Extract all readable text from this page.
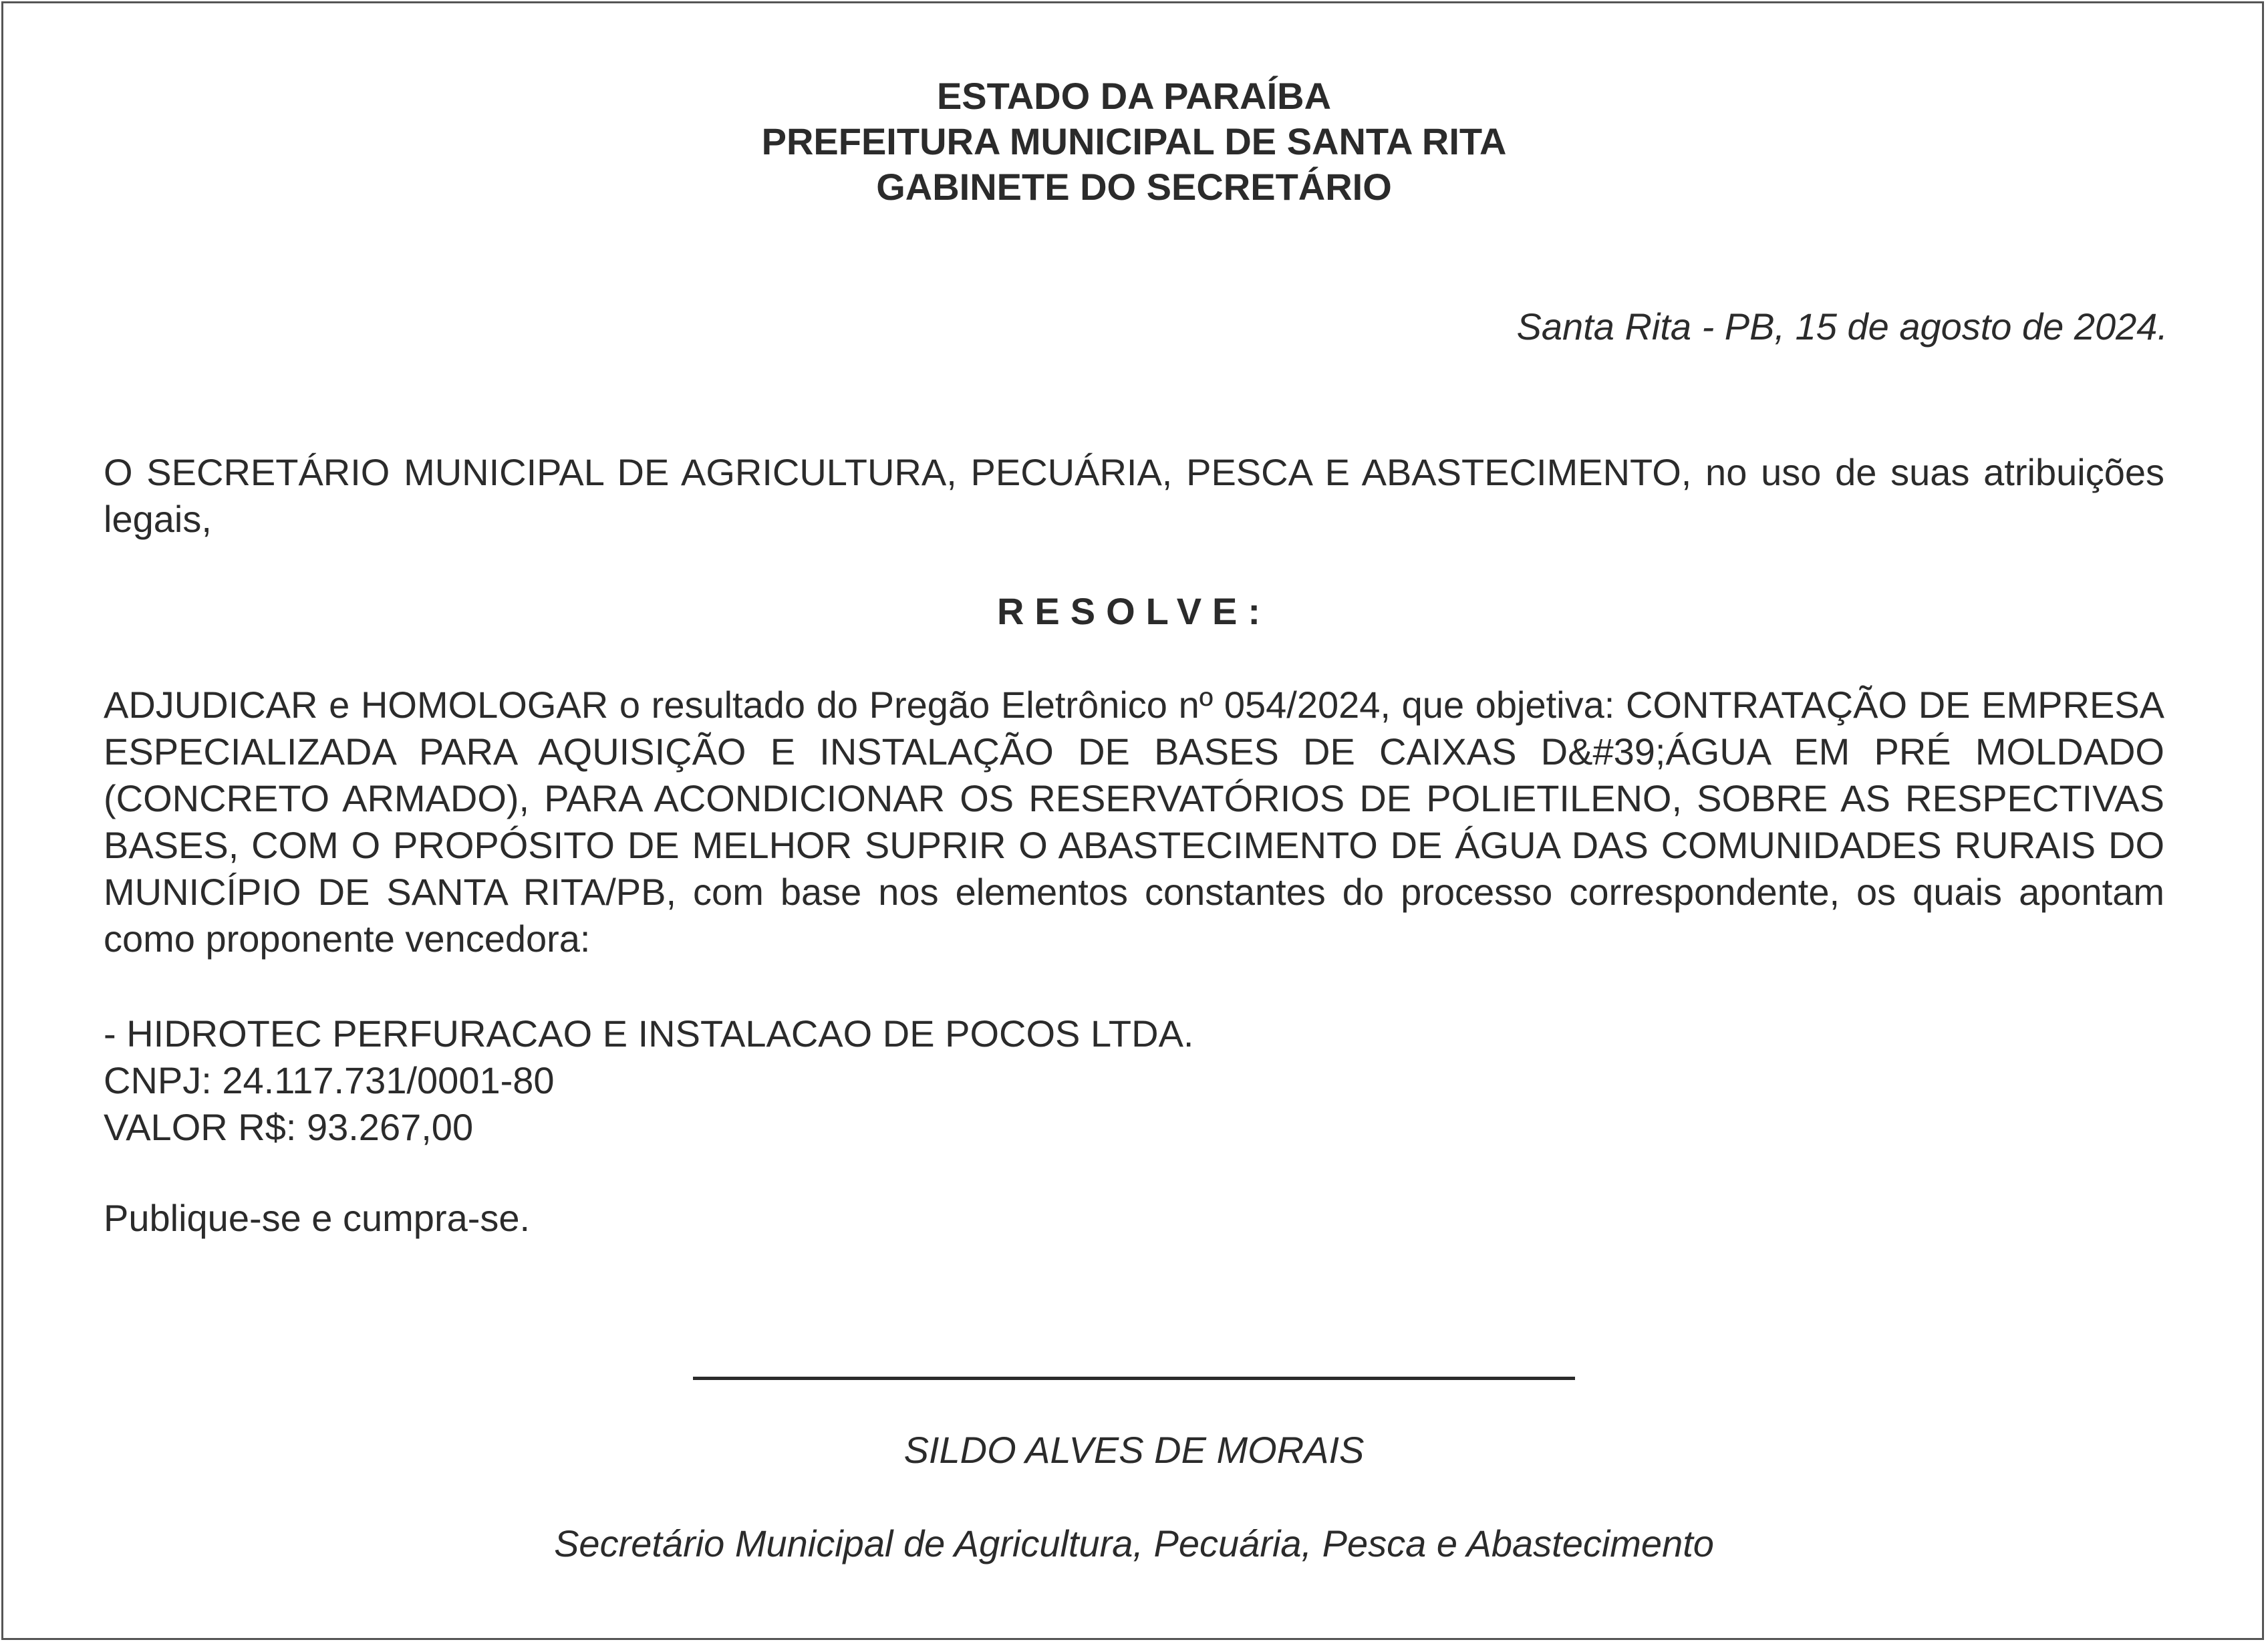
ESTADO DA PARAÍBA
PREFEITURA MUNICIPAL DE SANTA RITA
GABINETE DO SECRETÁRIO
Santa Rita - PB, 15 de agosto de 2024.

O SECRETÁRIO MUNICIPAL DE AGRICULTURA, PECUÁRIA, PESCA E ABASTECIMENTO, no uso de suas atribuições legais,

RESOLVE:

ADJUDICAR e HOMOLOGAR o resultado do Pregão Eletrônico nº 054/2024, que objetiva: CONTRATAÇÃO DE EMPRESA ESPECIALIZADA PARA AQUISIÇÃO E INSTALAÇÃO DE BASES DE CAIXAS D&#39;ÁGUA EM PRÉ MOLDADO (CONCRETO ARMADO), PARA ACONDICIONAR OS RESERVATÓRIOS DE POLIETILENO, SOBRE AS RESPECTIVAS BASES, COM O PROPÓSITO DE MELHOR SUPRIR O ABASTECIMENTO DE ÁGUA DAS COMUNIDADES RURAIS DO MUNICÍPIO DE SANTA RITA/PB, com base nos elementos constantes do processo correspondente, os quais apontam como proponente vencedora:

- HIDROTEC PERFURACAO E INSTALACAO DE POCOS LTDA.
CNPJ: 24.117.731/0001-80
VALOR R$: 93.267,00
Publique-se e cumpra-se.
SILDO ALVES DE MORAIS
Secretário Municipal de Agricultura, Pecuária, Pesca e Abastecimento
